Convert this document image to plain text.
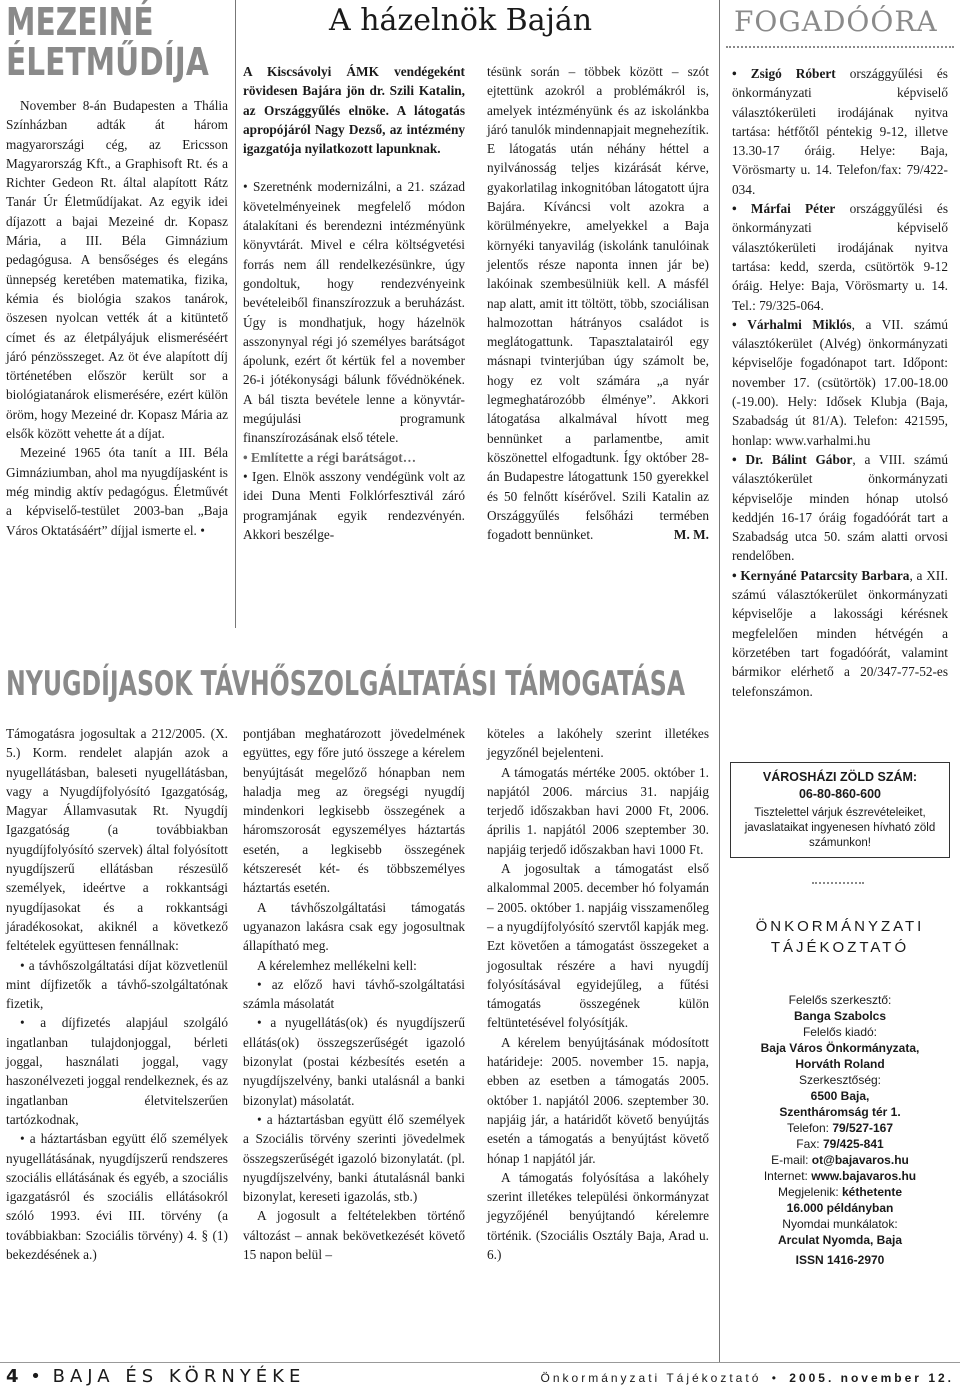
MEZEINÉ
ÉLETMŰDÍJA

November 8-án Budapesten a Thália Színházban adták át három magyarországi cég, az Ericsson Magyarország Kft., a Graphisoft Rt. és a Richter Gedeon Rt. által alapított Rátz Tanár Úr Életműdíjakat. Az egyik idei díjazott a bajai Mezeiné dr. Kopasz Mária, a III. Béla Gimnázium pedagógusa. A bensőséges és elegáns ünnepség keretében matematika, fizika, kémia és biológia szakos tanárok, öszesen nyolcan vették át a kitüntető címet és az életpályájuk elismeréséért járó pénzösszeget. Az öt éve alapított díj történetében először került sor a biológiatanárok elismerésére, ezért külön öröm, hogy Mezeiné dr. Kopasz Mária az elsők között vehette át a díjat.

Mezeiné 1965 óta tanít a III. Béla Gimnáziumban, ahol ma nyugdíjasként is még mindig aktív pedagógus. Életművét a képviselő-testület 2003-ban „Baja Város Oktatásáért” díjjal ismerte el. •

A házelnök Baján

A Kiscsávolyi ÁMK vendégeként rövidesen Bajára jön dr. Szili Katalin, az Országgyűlés elnöke. A látogatás apropójáról Nagy Dezső, az intézmény igazgatója nyilatkozott lapunknak.

• Szeretnénk modernizálni, a 21. század követelményeinek megfelelő módon átalakítani és berendezni intézményünk könyvtárát. Mivel e célra költségvetési forrás nem áll rendelkezésünkre, úgy gondoltuk, hogy rendezvényeink bevételeiből finanszírozzuk a beruházást. Úgy is mondhatjuk, hogy házelnök asszonynyal régi jó személyes barátságot ápolunk, ezért őt kértük fel a november 26-i jótékonysági bálunk fővédnökének. A bál tiszta bevétele lenne a könyvtár-megújulási programunk finanszírozásának első tétele.

• Említette a régi barátságot…

• Igen. Elnök asszony vendégünk volt az idei Duna Menti Folklórfesztivál záró programjának egyik rendezvényén. Akkori beszélge-

tésünk során – többek között – szót ejtettünk azokról a problémákról is, amelyek intézményünk és az iskolánkba járó tanulók mindennapjait megnehezítik. E látogatás után néhány héttel a nyilvánosság teljes kizárását kérve, gyakorlatilag inkognitóban látogatott újra Bajára. Kíváncsi volt azokra a körülményekre, amelyekkel a Baja környéki tanyavilág (iskolánk tanulóinak jelentős része naponta innen jár be) lakóinak szembesülniük kell. A másfél nap alatt, amit itt töltött, több, szociálisan halmozottan hátrányos családot is meglátogattunk. Tapasztalatairól egy másnapi tvinterjúban úgy számolt be, hogy ez volt számára „a nyár legmeghatározóbb élménye”. Akkori látogatása alkalmával hívott meg bennünket a parlamentbe, amit köszönettel elfogadtunk. Így október 28-án Budapestre látogattunk 150 gyerekkel és 50 felnőtt kísérővel. Szili Katalin az Országgyűlés felsőházi termében fogadott bennünket.	M. M.
FOGADÓÓRA

• Zsigó Róbert országgyűlési és önkormányzati képviselő választókerületi irodájának nyitva tartása: hétfőtől péntekig 9-12, illetve 13.30-17 óráig. Helye: Baja, Vörösmarty u. 14. Telefon/fax: 79/422-034.

• Márfai Péter országgyűlési és önkormányzati képviselő választókerületi irodájának nyitva tartása: kedd, szerda, csütörtök 9-12 óráig. Helye: Baja, Vörösmarty u. 14. Tel.: 79/325-064.

• Várhalmi Miklós, a VII. számú választókerület (Alvég) önkormányzati képviselője fogadónapot tart. Időpont: november 17. (csütörtök) 17.00-18.00 (-19.00). Hely: Idősek Klubja (Baja, Szabadság út 81/A). Telefon: 421595, honlap: www.varhalmi.hu

• Dr. Bálint Gábor, a VIII. számú választókerület önkormányzati képviselője minden hónap utolsó keddjén 16-17 óráig fogadóórát tart a Szabadság utca 50. szám alatti orvosi rendelőben.

• Kernyáné Patarcsity Barbara, a XII. számú választókerület önkormányzati képviselője a lakossági kérésnek megfelelően minden hétvégén a körzetében tart fogadóórát, valamint bármikor elérhető a 20/347-77-52-es telefonszámon.

VÁROSHÁZI ZÖLD SZÁM:
06-80-860-600
Tisztelettel várjuk észrevételeiket, javaslataikat ingyenesen hívható zöld számunkon!
ÖNKORMÁNYZATI
TÁJÉKOZTATÓ
Felelős szerkesztő:
Banga Szabolcs
Felelős kiadó:
Baja Város Önkormányzata, Horváth Roland
Szerkesztőség:
6500 Baja, Szentháromság tér 1.
Telefon: 79/527-167
Fax: 79/425-841
E-mail: ot@bajavaros.hu
Internet: www.bajavaros.hu
Megjelenik: kéthetente
16.000 példányban
Nyomdai munkálatok:
Arculat Nyomda, Baja
ISSN 1416-2970
NYUGDÍJASOK TÁVHŐSZOLGÁLTATÁSI TÁMOGATÁSA

Támogatásra jogosultak a 212/2005. (X. 5.) Korm. rendelet alapján azok a nyugellátásban, baleseti nyugellátásban, vagy a Nyugdíjfolyósító Igazgatóság, Magyar Államvasutak Rt. Nyugdíj Igazgatóság (a továbbiakban nyugdíjfolyósító szervek) által folyósított nyugdíjszerű ellátásban részesülő személyek, ideértve a rokkantsági nyugdíjasokat és a rokkantsági járadékosokat, akiknél a következő feltételek együttesen fennállnak:

• a távhőszolgáltatási díjat közvetlenül mint díjfizetők a távhő-szolgáltatónak fizetik,
• a díjfizetés alapjául szolgáló ingatlanban tulajdonjoggal, bérleti joggal, használati joggal, vagy haszonélvezeti joggal rendelkeznek, és az ingatlanban életvitelszerűen tartózkodnak,
• a háztartásban együtt élő személyek nyugellátásának, nyugdíjszerű rendszeres szociális ellátásának és egyéb, a szociális igazgatásról és szociális ellátásokról szóló 1993. évi III. törvény (a továbbiakban: Szociális törvény) 4. § (1) bekezdésének a.)

pontjában meghatározott jövedelmének együttes, egy főre jutó összege a kérelem benyújtását megelőző hónapban nem haladja meg az öregségi nyugdíj mindenkori legkisebb összegének a háromszorosát egyszemélyes háztartás esetén, a legkisebb összegének kétszeresét két- és többszemélyes háztartás esetén.

A távhőszolgáltatási támogatás ugyanazon lakásra csak egy jogosultnak állapítható meg.

A kérelemhez mellékelni kell:

• az előző havi távhő-szolgáltatási számla másolatát
• a nyugellátás(ok) és nyugdíjszerű ellátás(ok) összegszerűségét igazoló bizonylat (postai kézbesítés esetén a nyugdíjszelvény, banki utalásnál a banki bizonylat) másolatát.
• a háztartásban együtt élő személyek a Szociális törvény szerinti jövedelmek összegszerűségét igazoló bizonylatát. (pl. nyugdíjszelvény, banki átutalásnál banki bizonylat, kereseti igazolás, stb.)

A jogosult a feltételekben történő változást – annak bekövetkezését követő 15 napon belül –

köteles a lakóhely szerint illetékes jegyzőnél bejelenteni.

A támogatás mértéke 2005. október 1. napjától 2006. március 31. napjáig terjedő időszakban havi 2000 Ft, 2006. április 1. napjától 2006 szeptember 30. napjáig terjedő időszakban havi 1000 Ft.

A jogosultak a támogatást első alkalommal 2005. december hó folyamán – 2005. október 1. napjáig visszamenőleg – a nyugdíjfolyósító szervtől kapják meg. Ezt követően a támogatást összegeket a jogosultak részére a havi nyugdíj folyósításával egyidejűleg, a fűtési támogatás összegének külön feltüntetésével folyósítják.

A kérelem benyújtásának módosított határideje: 2005. november 15. napja, ebben az esetben a támogatás 2005. október 1. napjától 2006. szeptember 30. napjáig jár, a határidőt követő benyújtás esetén a támogatás a benyújtást követő hónap 1 napjától jár.

A támogatás folyósítása a lakóhely szerint illetékes települési önkormányzat jegyzőjénél benyújtandó kérelemre történik. (Szociális Osztály Baja, Arad u. 6.)

4 • BAJA ÉS KÖRNYÉKE	Önkormányzati Tájékoztató • 2005. november 12.
